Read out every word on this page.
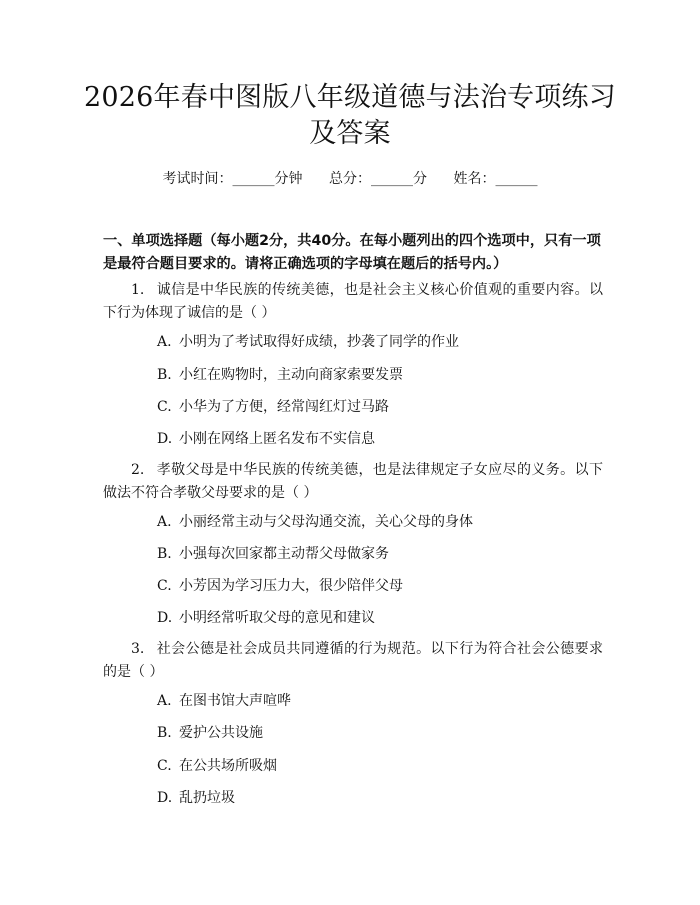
2026年春中图版八年级道德与法治专项练习
及答案
考试时间：______分钟 总分：______分 姓名：______
一、单项选择题（每小题2分，共40分。在每小题列出的四个选项中，只有一项是最符合题目要求的。请将正确选项的字母填在题后的括号内。）
1. 诚信是中华民族的传统美德，也是社会主义核心价值观的重要内容。以下行为体现了诚信的是（ ）
A. 小明为了考试取得好成绩，抄袭了同学的作业
B. 小红在购物时，主动向商家索要发票
C. 小华为了方便，经常闯红灯过马路
D. 小刚在网络上匿名发布不实信息
2. 孝敬父母是中华民族的传统美德，也是法律规定子女应尽的义务。以下做法不符合孝敬父母要求的是（ ）
A. 小丽经常主动与父母沟通交流，关心父母的身体
B. 小强每次回家都主动帮父母做家务
C. 小芳因为学习压力大，很少陪伴父母
D. 小明经常听取父母的意见和建议
3. 社会公德是社会成员共同遵循的行为规范。以下行为符合社会公德要求的是（ ）
A. 在图书馆大声喧哗
B. 爱护公共设施
C. 在公共场所吸烟
D. 乱扔垃圾
